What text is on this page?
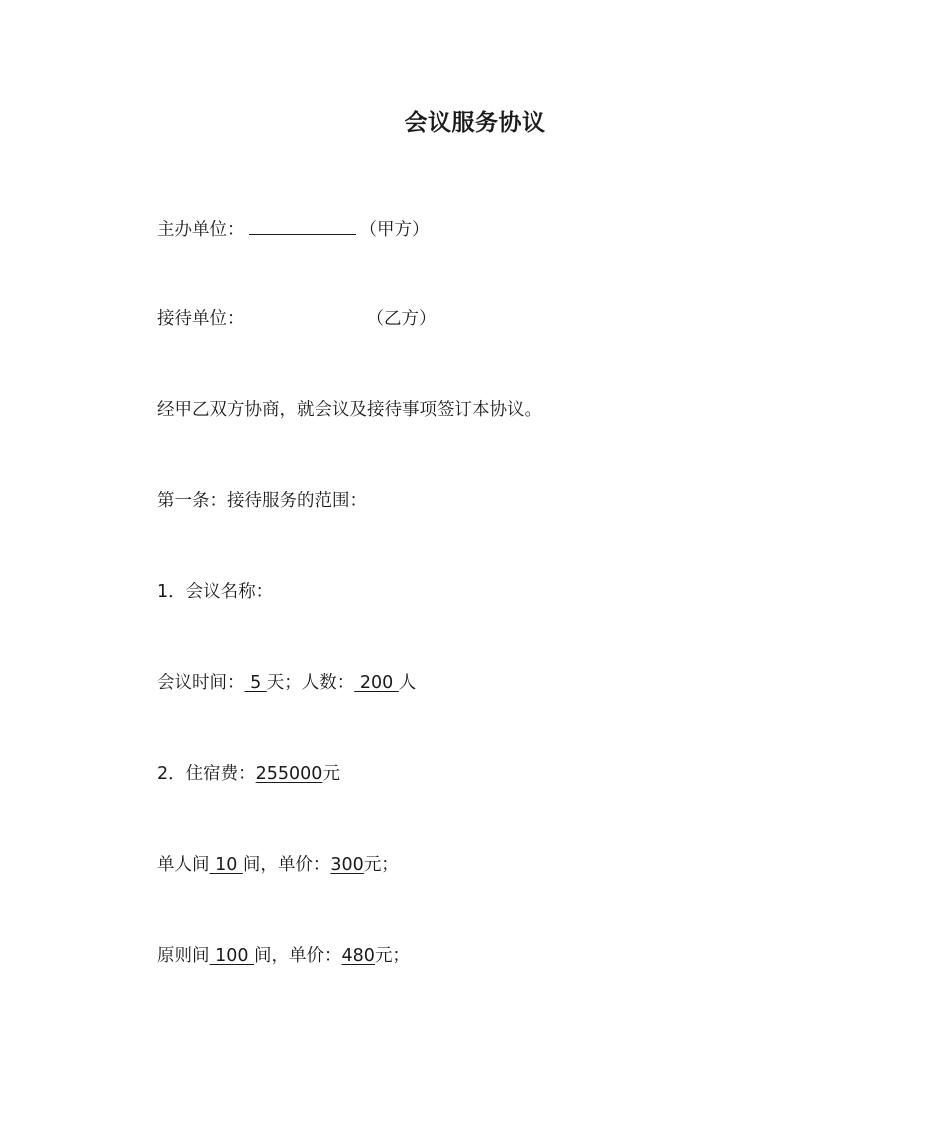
会议服务协议
主办单位：	（甲方）
接待单位：	（乙方）
经甲乙双方协商，就会议及接待事项签订本协议。
第一条：接待服务的范围：
1．会议名称：
会议时间： 5 天；人数： 200 人
2．住宿费：255000元
单人间 10 间，单价：300元；
原则间 100 间，单价：480元；
